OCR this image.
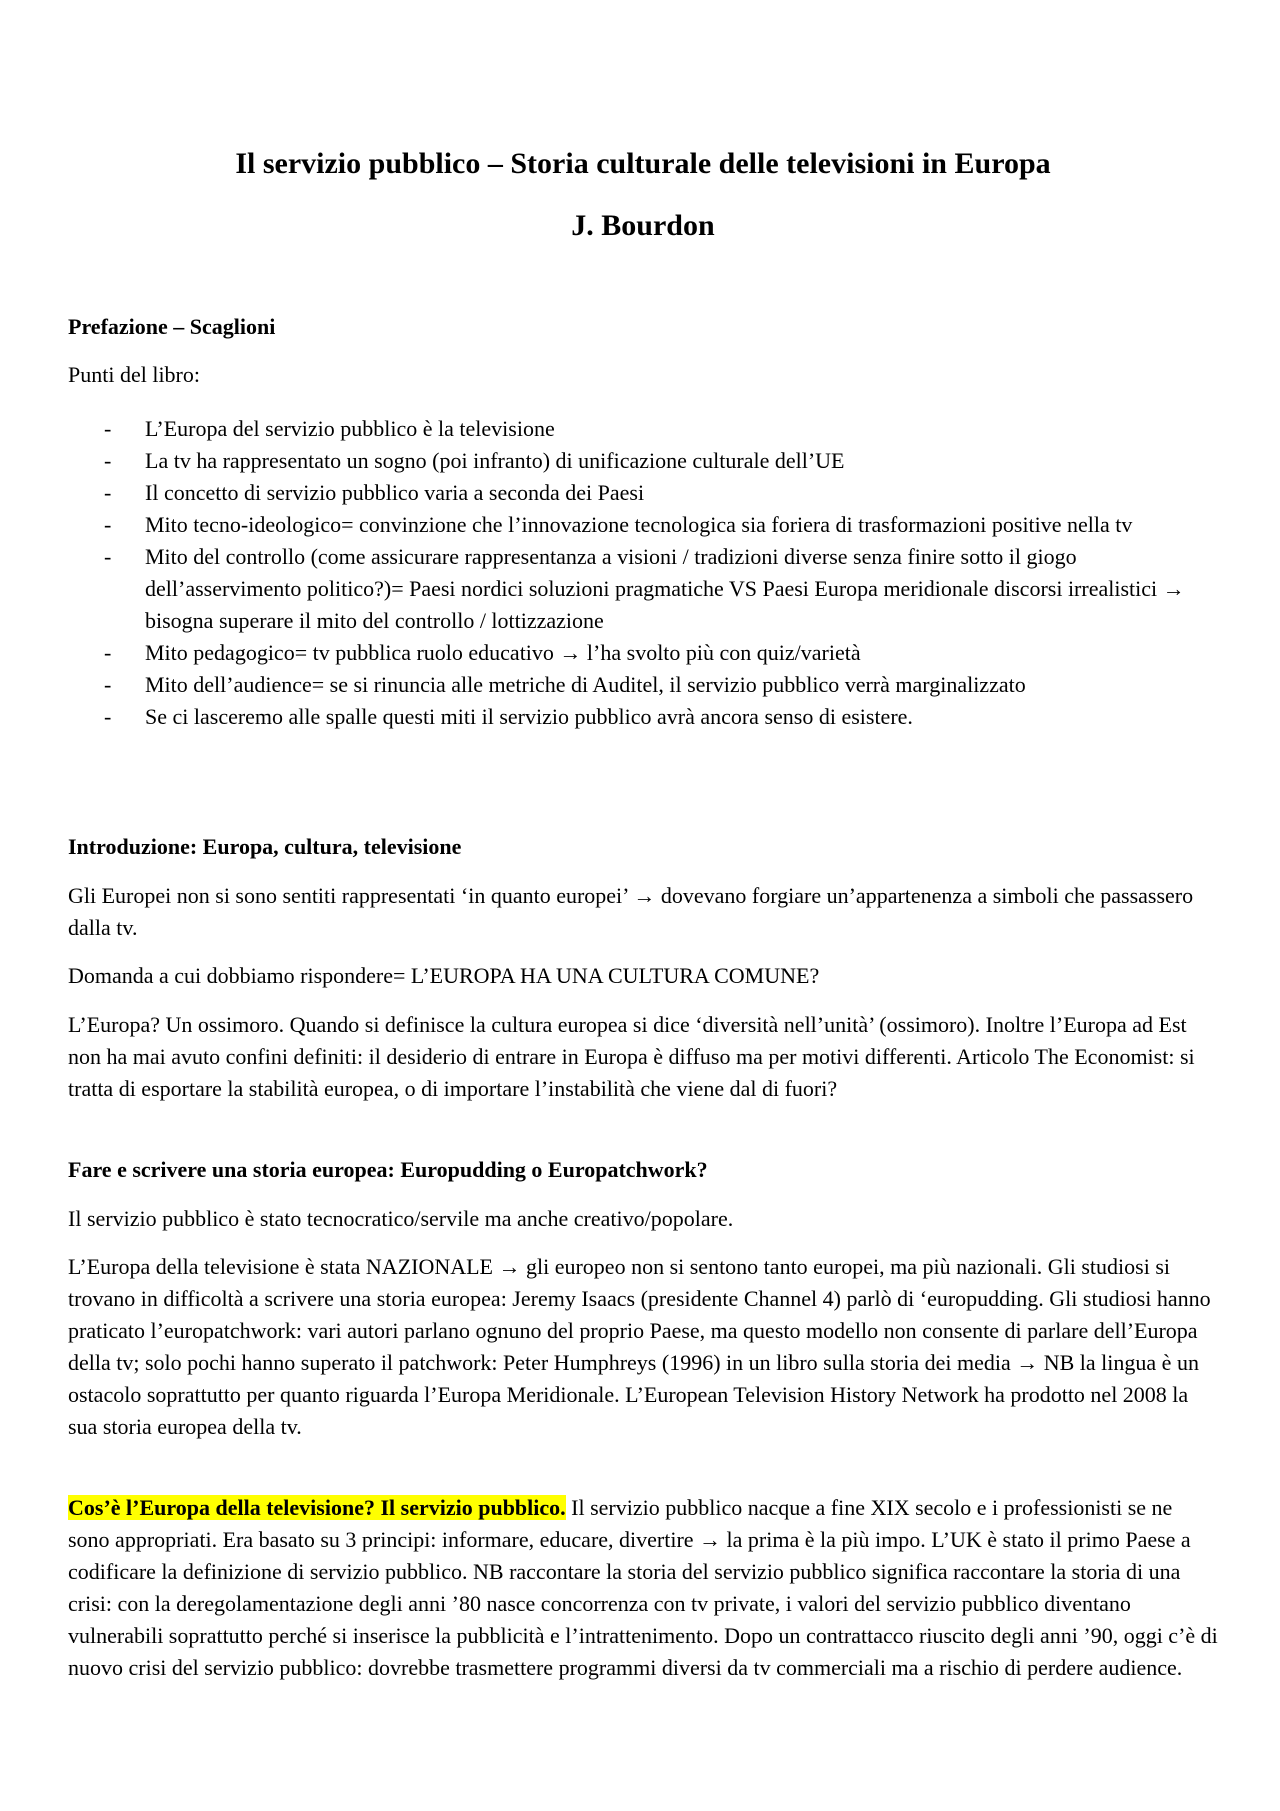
Il servizio pubblico – Storia culturale delle televisioni in Europa
J. Bourdon

Prefazione – Scaglioni

Punti del libro:

- L’Europa del servizio pubblico è la televisione
- La tv ha rappresentato un sogno (poi infranto) di unificazione culturale dell’UE
- Il concetto di servizio pubblico varia a seconda dei Paesi
- Mito tecno-ideologico= convinzione che l’innovazione tecnologica sia foriera di trasformazioni positive nella tv
- Mito del controllo (come assicurare rappresentanza a visioni / tradizioni diverse senza finire sotto il giogo dell’asservimento politico?)= Paesi nordici soluzioni pragmatiche VS Paesi Europa meridionale discorsi irrealistici → bisogna superare il mito del controllo / lottizzazione
- Mito pedagogico= tv pubblica ruolo educativo → l’ha svolto più con quiz/varietà
- Mito dell’audience= se si rinuncia alle metriche di Auditel, il servizio pubblico verrà marginalizzato
- Se ci lasceremo alle spalle questi miti il servizio pubblico avrà ancora senso di esistere.

Introduzione: Europa, cultura, televisione

Gli Europei non si sono sentiti rappresentati ‘in quanto europei’ → dovevano forgiare un’appartenenza a simboli che passassero dalla tv.

Domanda a cui dobbiamo rispondere= L’EUROPA HA UNA CULTURA COMUNE?

L’Europa? Un ossimoro. Quando si definisce la cultura europea si dice ‘diversità nell’unità’ (ossimoro). Inoltre l’Europa ad Est non ha mai avuto confini definiti: il desiderio di entrare in Europa è diffuso ma per motivi differenti. Articolo The Economist: si tratta di esportare la stabilità europea, o di importare l’instabilità che viene dal di fuori?

Fare e scrivere una storia europea: Europudding o Europatchwork?

Il servizio pubblico è stato tecnocratico/servile ma anche creativo/popolare.

L’Europa della televisione è stata NAZIONALE → gli europeo non si sentono tanto europei, ma più nazionali. Gli studiosi si trovano in difficoltà a scrivere una storia europea: Jeremy Isaacs (presidente Channel 4) parlò di ‘europudding. Gli studiosi hanno praticato l’europatchwork: vari autori parlano ognuno del proprio Paese, ma questo modello non consente di parlare dell’Europa della tv; solo pochi hanno superato il patchwork: Peter Humphreys (1996) in un libro sulla storia dei media → NB la lingua è un ostacolo soprattutto per quanto riguarda l’Europa Meridionale. L’European Television History Network ha prodotto nel 2008 la sua storia europea della tv.

Cos’è l’Europa della televisione? Il servizio pubblico. Il servizio pubblico nacque a fine XIX secolo e i professionisti se ne sono appropriati. Era basato su 3 principi: informare, educare, divertire → la prima è la più impo. L’UK è stato il primo Paese a codificare la definizione di servizio pubblico. NB raccontare la storia del servizio pubblico significa raccontare la storia di una crisi: con la deregolamentazione degli anni ’80 nasce concorrenza con tv private, i valori del servizio pubblico diventano vulnerabili soprattutto perché si inserisce la pubblicità e l’intrattenimento. Dopo un contrattacco riuscito degli anni ’90, oggi c’è di nuovo crisi del servizio pubblico: dovrebbe trasmettere programmi diversi da tv commerciali ma a rischio di perdere audience.
